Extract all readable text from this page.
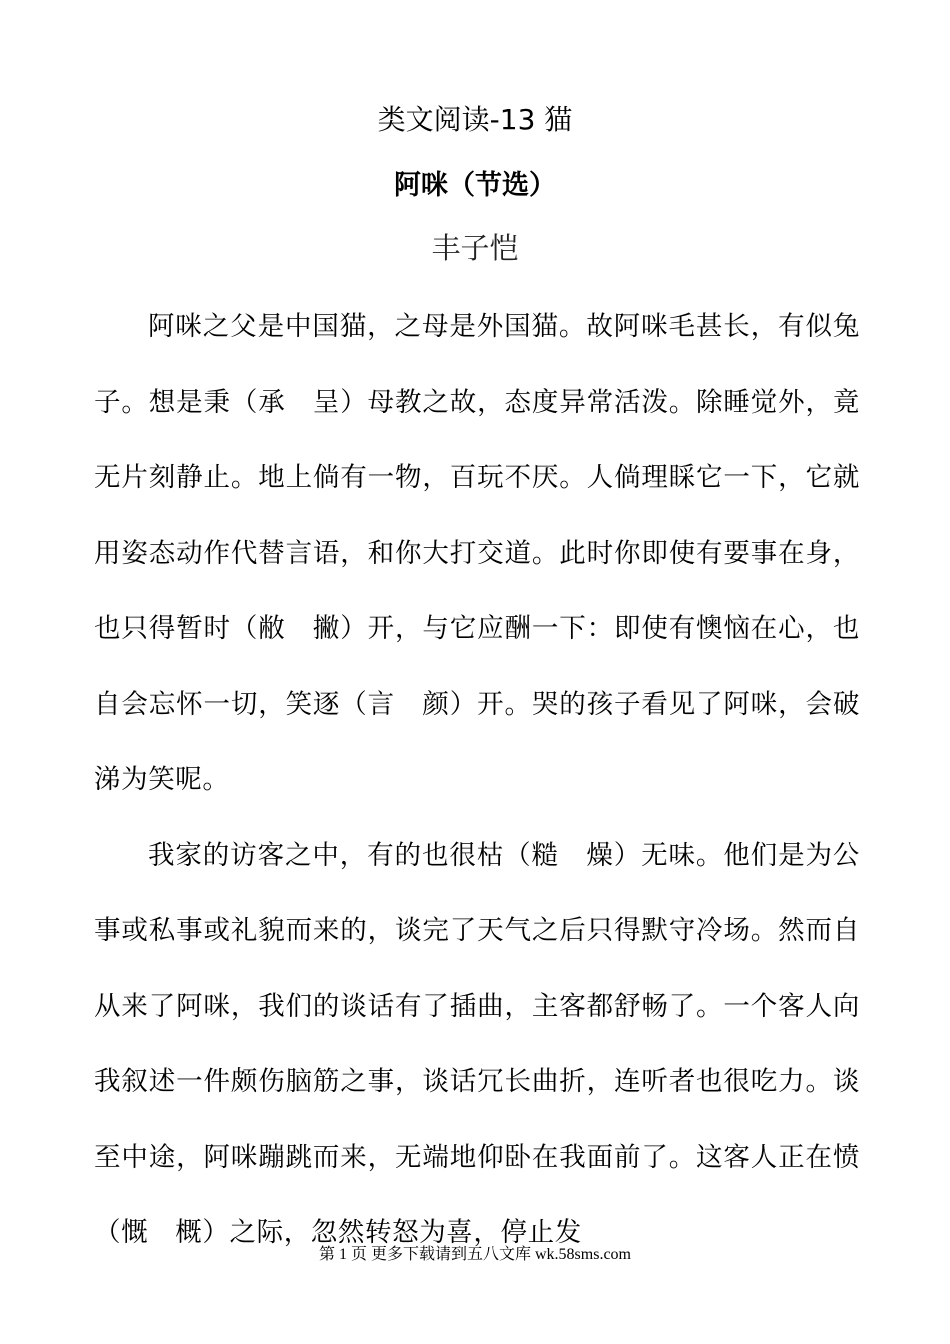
类文阅读-13 猫
阿咪（节选）
丰子恺

阿咪之父是中国猫，之母是外国猫。故阿咪毛甚长，有似兔子。想是秉（承　呈）母教之故，态度异常活泼。除睡觉外，竟无片刻静止。地上倘有一物，百玩不厌。人倘理睬它一下，它就用姿态动作代替言语，和你大打交道。此时你即使有要事在身，也只得暂时（敝　撇）开，与它应酬一下：即使有懊恼在心，也自会忘怀一切，笑逐（言　颜）开。哭的孩子看见了阿咪，会破涕为笑呢。

我家的访客之中，有的也很枯（糙　燥）无味。他们是为公事或私事或礼貌而来的，谈完了天气之后只得默守冷场。然而自从来了阿咪，我们的谈话有了插曲，主客都舒畅了。一个客人向我叙述一件颇伤脑筋之事，谈话冗长曲折，连听者也很吃力。谈至中途，阿咪蹦跳而来，无端地仰卧在我面前了。这客人正在愤（慨　概）之际，忽然转怒为喜，停止发

第 1 页 更多下载请到五八文库 wk.58sms.com
